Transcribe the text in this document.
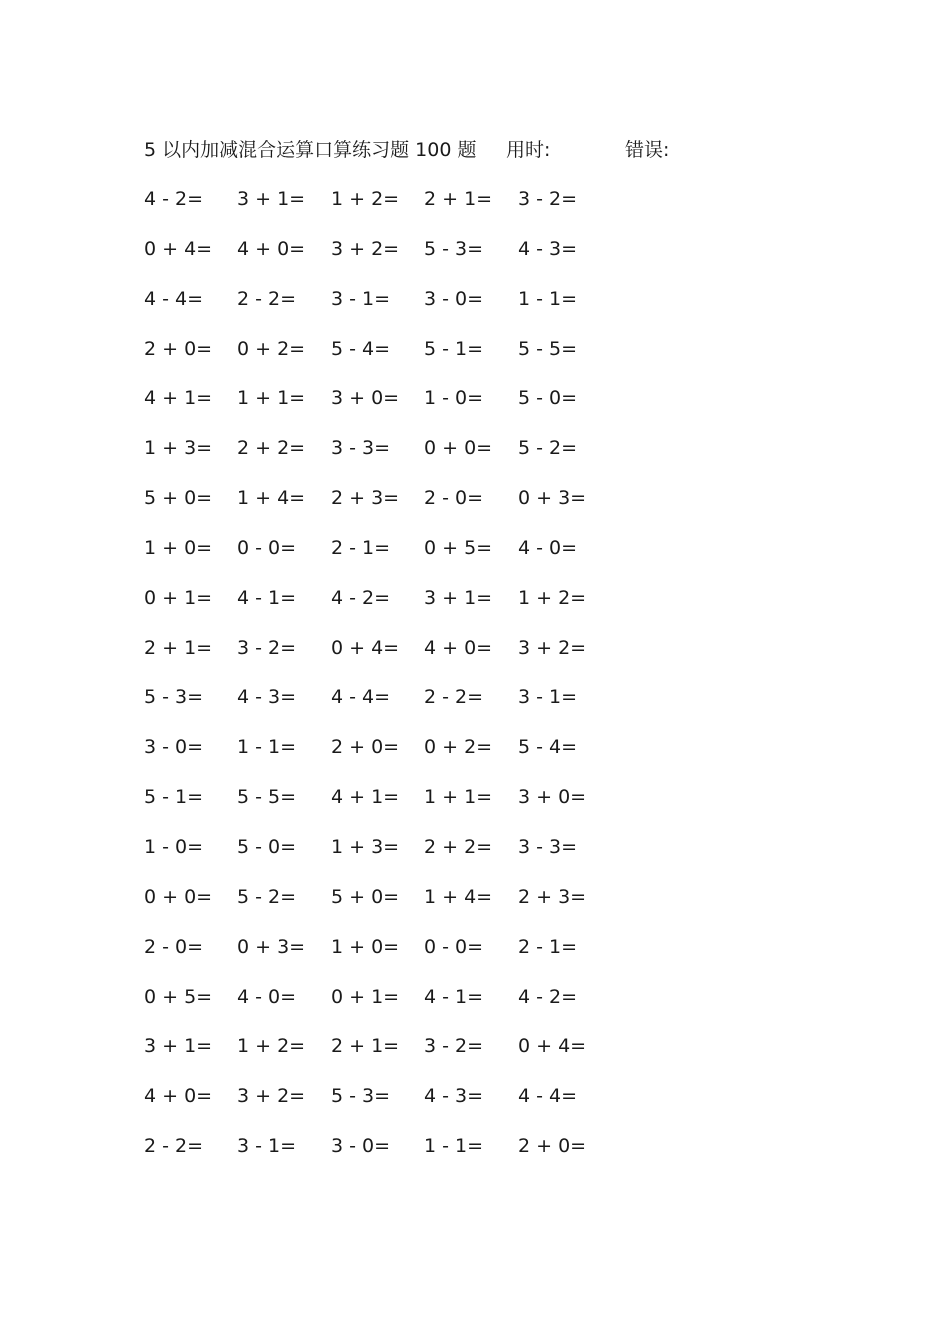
5 以内加减混合运算口算练习题 100 题 用时:	错误:
4 - 2= 3 + 1= 1 + 2= 2 + 1= 3 - 2=
0 + 4= 4 + 0= 3 + 2= 5 - 3= 4 - 3=
4 - 4= 2 - 2= 3 - 1= 3 - 0= 1 - 1=
2 + 0= 0 + 2= 5 - 4= 5 - 1= 5 - 5=
4 + 1= 1 + 1= 3 + 0= 1 - 0= 5 - 0=
1 + 3= 2 + 2= 3 - 3= 0 + 0= 5 - 2=
5 + 0= 1 + 4= 2 + 3= 2 - 0= 0 + 3=
1 + 0= 0 - 0= 2 - 1= 0 + 5= 4 - 0=
0 + 1= 4 - 1= 4 - 2= 3 + 1= 1 + 2=
2 + 1= 3 - 2= 0 + 4= 4 + 0= 3 + 2=
5 - 3= 4 - 3= 4 - 4= 2 - 2= 3 - 1=
3 - 0= 1 - 1= 2 + 0= 0 + 2= 5 - 4=
5 - 1= 5 - 5= 4 + 1= 1 + 1= 3 + 0=
1 - 0= 5 - 0= 1 + 3= 2 + 2= 3 - 3=
0 + 0= 5 - 2= 5 + 0= 1 + 4= 2 + 3=
2 - 0= 0 + 3= 1 + 0= 0 - 0= 2 - 1=
0 + 5= 4 - 0= 0 + 1= 4 - 1= 4 - 2=
3 + 1= 1 + 2= 2 + 1= 3 - 2= 0 + 4=
4 + 0= 3 + 2= 5 - 3= 4 - 3= 4 - 4=
2 - 2= 3 - 1= 3 - 0= 1 - 1= 2 + 0=
